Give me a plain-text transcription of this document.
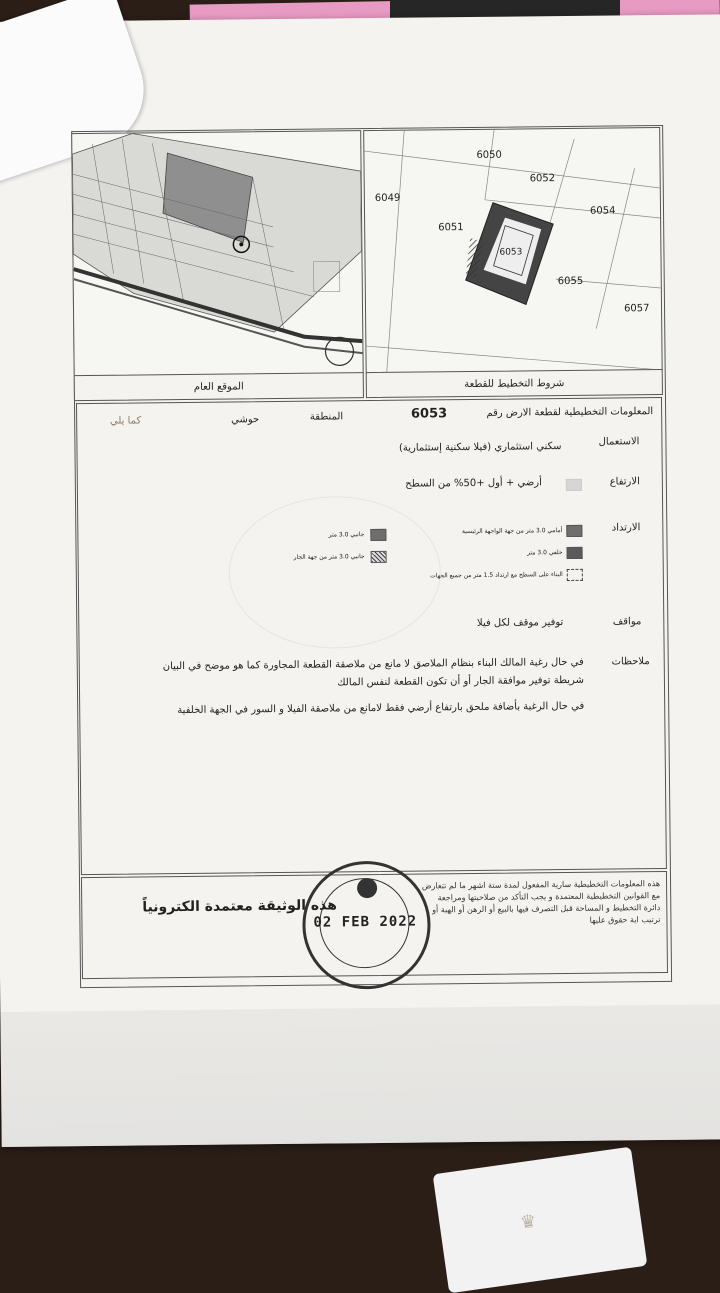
6050
6052
6049
6054
6051
6053
6055
6057
الموقع العام	شروط التخطيط للقطعة
المعلومات التخطيطية لقطعة الارض رقم
6053
المنطقة
حوشي
كما يلي
الاستعمال
سكني استثماري (فيلا سكنية إستثمارية)
الارتفاع
أرضي + أول +50% من السطح
الارتداد
أمامي 3.0 متر من جهة الواجهة الرئيسية
خلفي 3.0 متر
البناء على السطح مع ارتداد 1.5 متر من جميع الجهات
جانبي 3.0 متر
جانبي 3.0 متر من جهة الجار
مواقف
توفير موقف لكل فيلا
ملاحظات
في حال رغبة المالك البناء بنظام الملاصق لا مانع من ملاصقة القطعة المجاورة كما هو موضح في البيان
شريطة توفير موافقة الجار أو أن تكون القطعة لنفس المالك
في حال الرغبة بأضافة ملحق بارتفاع أرضي فقط لامانع من ملاصقة الفيلا و السور في الجهة الخلفية
هذه المعلومات التخطيطية سارية المفعول لمدة ستة اشهر ما لم تتعارض مع القوانين التخطيطية المعتمدة و يجب التأكد من صلاحيتها ومراجعة دائرة التخطيط و المساحة قبل التصرف فيها بالبيع أو الرهن أو الهبة أو ترتيب اية حقوق عليها
02 FEB 2022
هذه الوثيقة معتمدة الكترونياً
♛
